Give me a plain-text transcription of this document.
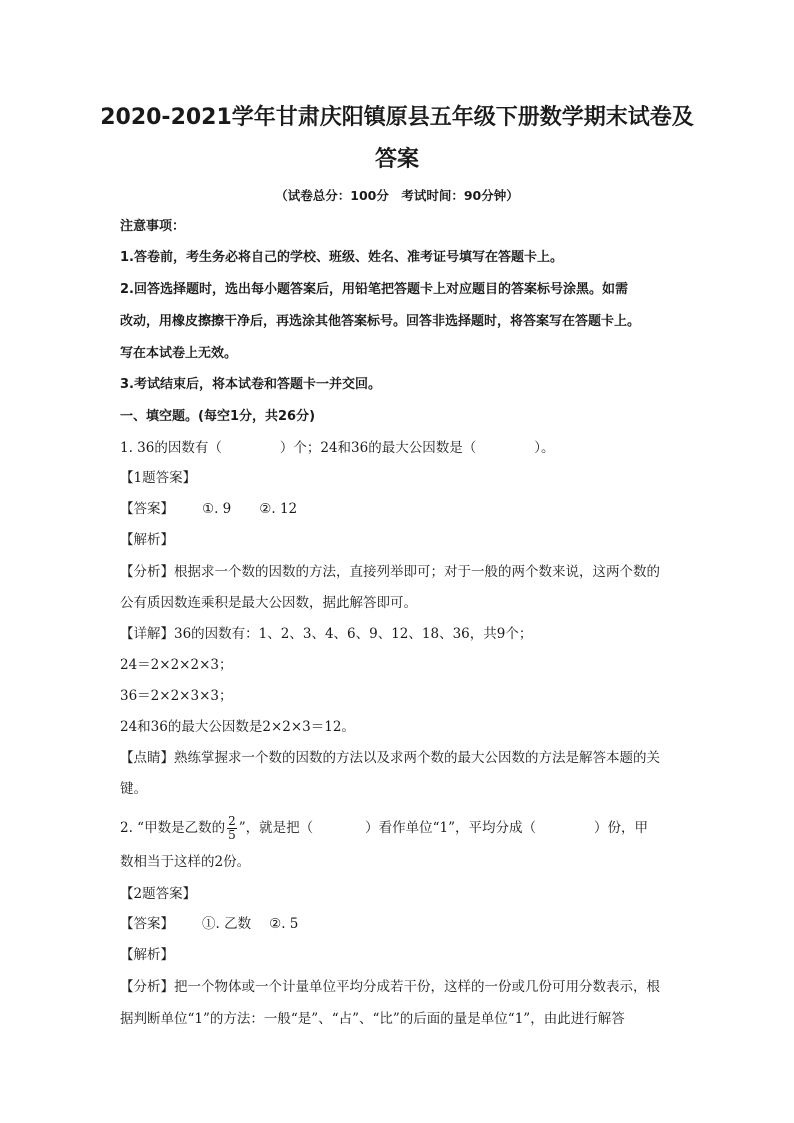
2020-2021学年甘肃庆阳镇原县五年级下册数学期末试卷及
答案
（试卷总分：100分　考试时间：90分钟）
注意事项：
1.答卷前，考生务必将自己的学校、班级、姓名、准考证号填写在答题卡上。
2.回答选择题时，选出每小题答案后，用铅笔把答题卡上对应题目的答案标号涂黑。如需
改动，用橡皮擦擦干净后，再选涂其他答案标号。回答非选择题时，将答案写在答题卡上。
写在本试卷上无效。
3.考试结束后，将本试卷和答题卡一并交回。
一、填空题。(每空1分，共26分)
1. 36的因数有（	）个；24和36的最大公因数是（	）。
【1题答案】
【答案】 ①. 9 ②. 12
【解析】
【分析】根据求一个数的因数的方法，直接列举即可；对于一般的两个数来说，这两个数的
公有质因数连乘积是最大公因数，据此解答即可。
【详解】36的因数有：1、2、3、4、6、9、12、18、36，共9个；
24＝2×2×2×3；
36＝2×2×3×3；
24和36的最大公因数是2×2×3＝12。
【点睛】熟练掌握求一个数的因数的方法以及求两个数的最大公因数的方法是解答本题的关
键。
2. “甲数是乙数的 $\frac{2}{5}$ ”，就是把（	）看作单位“1”，平均分成（	）份，甲
数相当于这样的2份。
【2题答案】
【答案】 ①. 乙数 ②. 5
【解析】
【分析】把一个物体或一个计量单位平均分成若干份，这样的一份或几份可用分数表示，根
据判断单位“1”的方法：一般“是”、“占”、“比”的后面的量是单位“1”，由此进行解答
